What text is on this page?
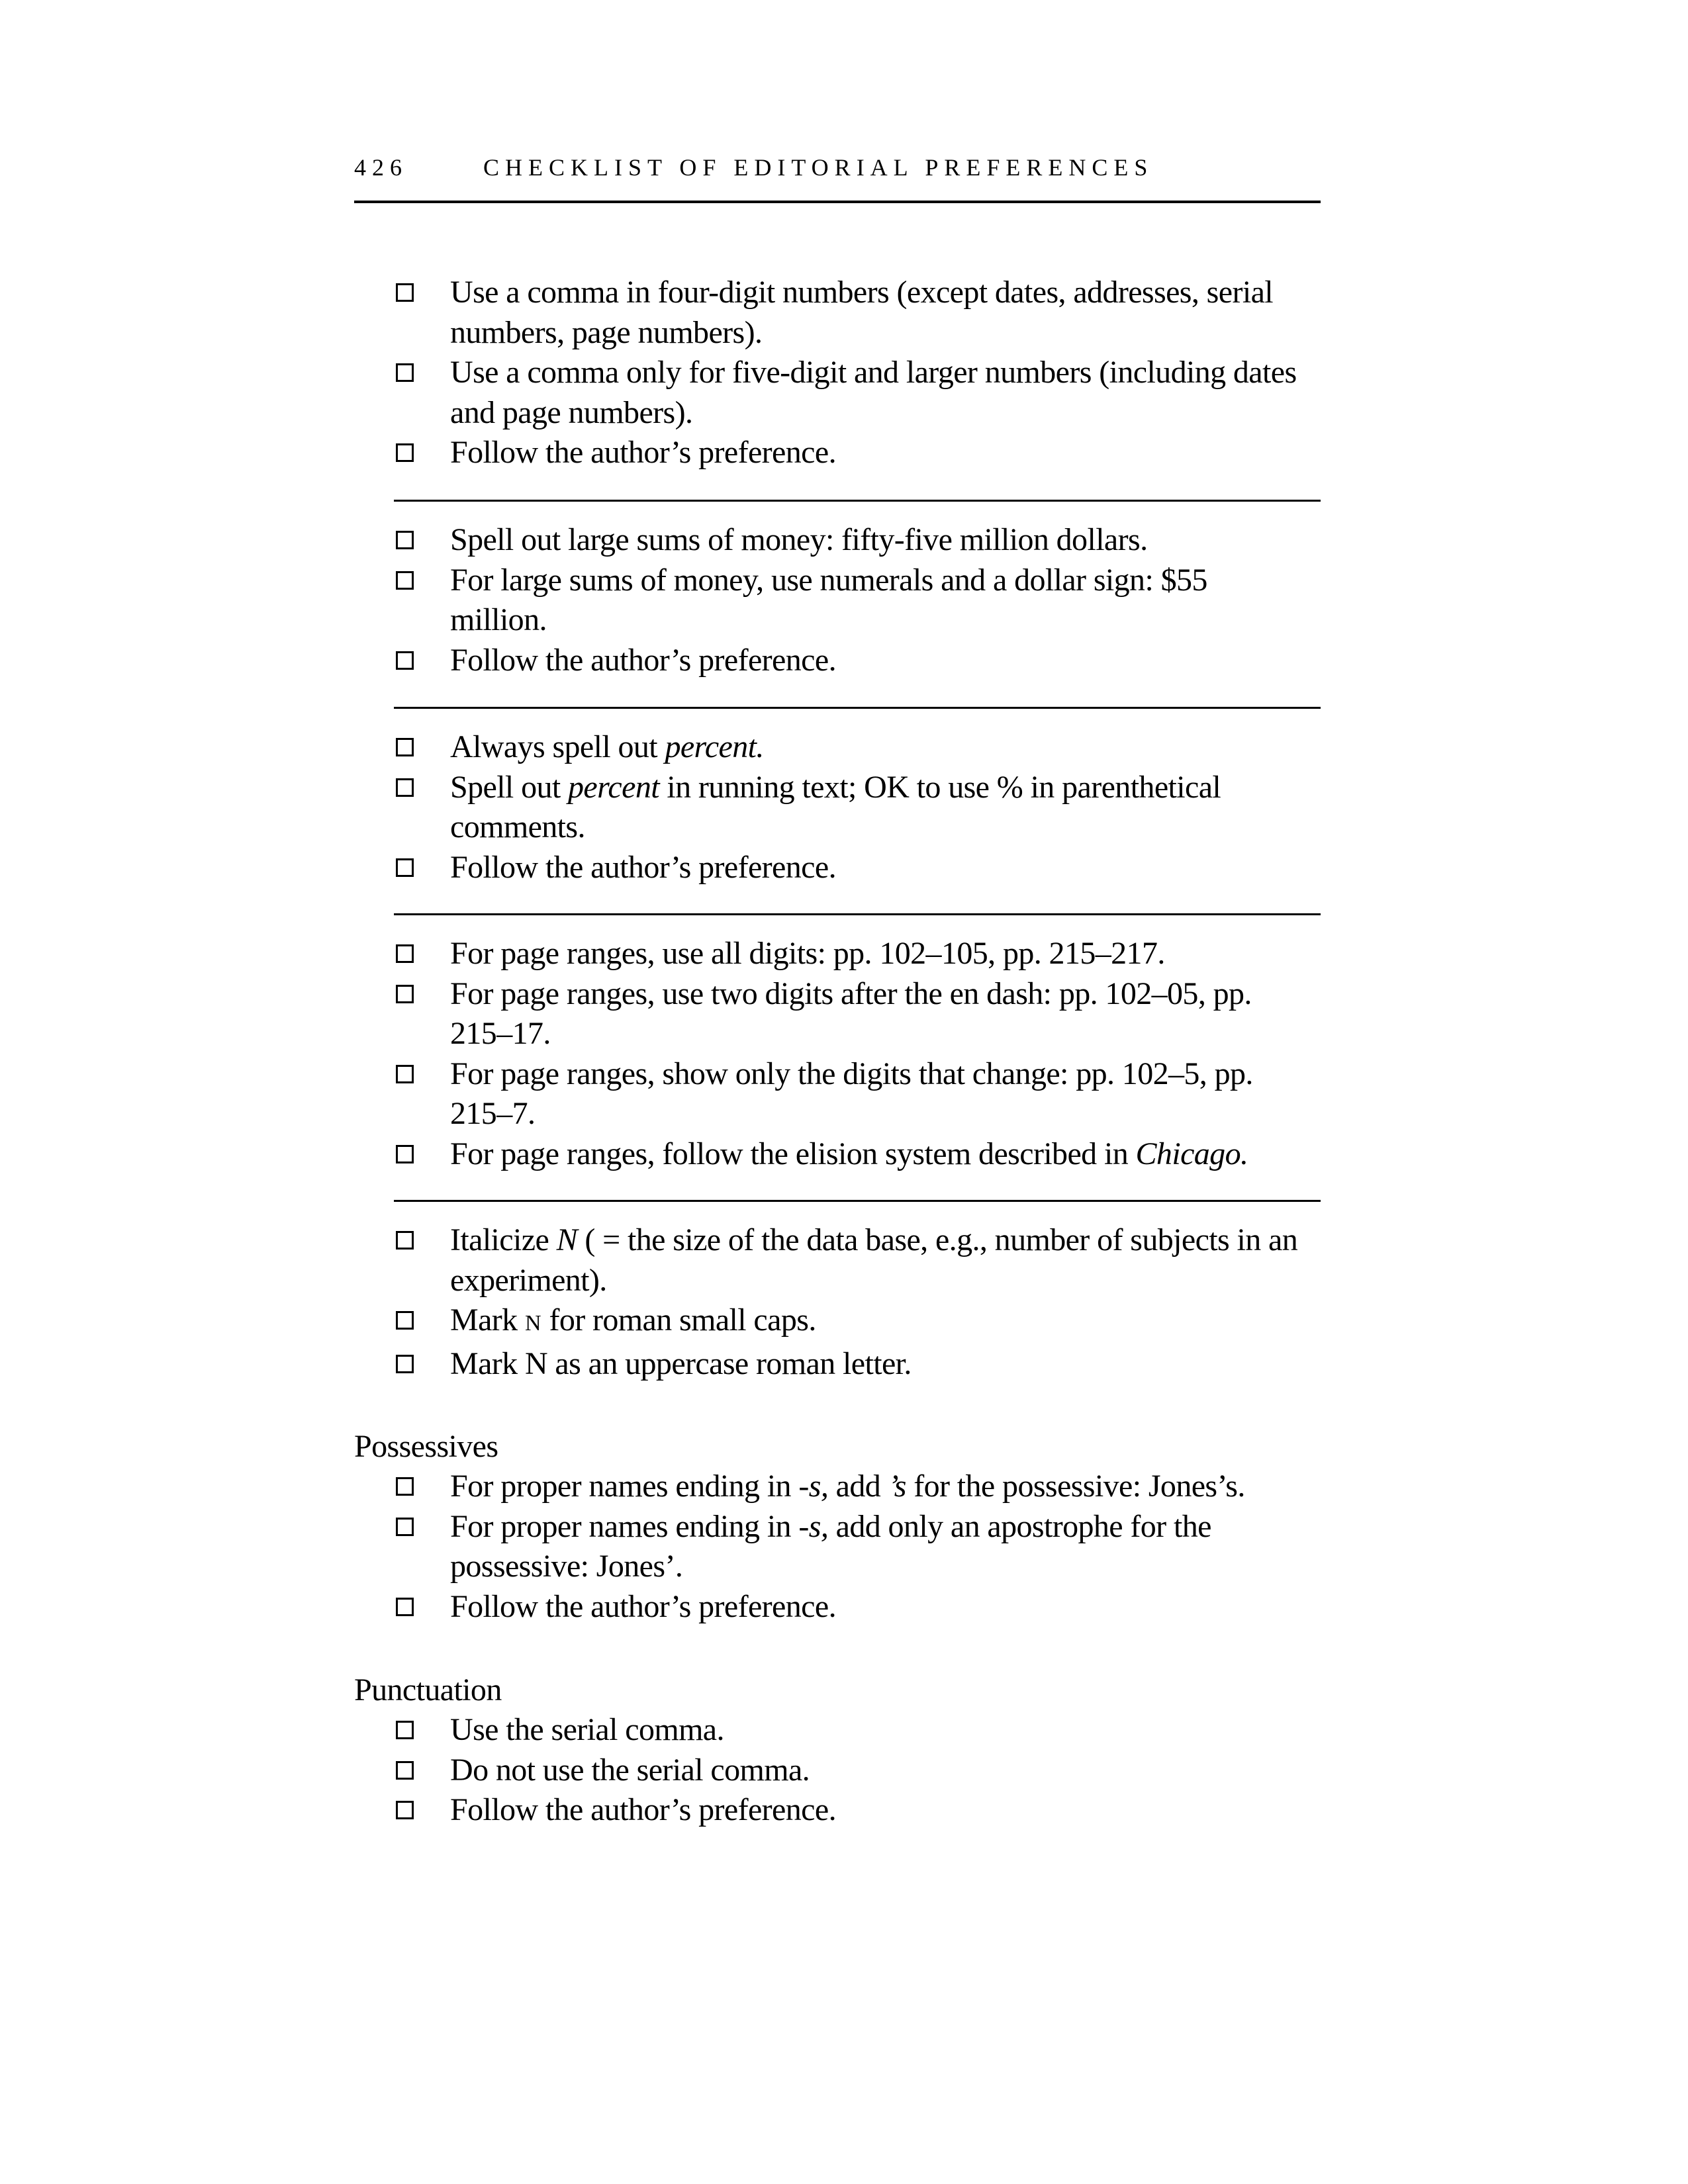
426	CHECKLIST OF EDITORIAL PREFERENCES
Use a comma in four-digit numbers (except dates, addresses, serial numbers, page numbers).
Use a comma only for five-digit and larger numbers (including dates and page numbers).
Follow the author’s preference.
Spell out large sums of money: fifty-five million dollars.
For large sums of money, use numerals and a dollar sign: $55 million.
Follow the author’s preference.
Always spell out percent.
Spell out percent in running text; OK to use % in parenthetical comments.
Follow the author’s preference.
For page ranges, use all digits: pp. 102–105, pp. 215–217.
For page ranges, use two digits after the en dash: pp. 102–05, pp. 215–17.
For page ranges, show only the digits that change: pp. 102–5, pp. 215–7.
For page ranges, follow the elision system described in Chicago.
Italicize N ( = the size of the data base, e.g., number of subjects in an experiment).
Mark N for roman small caps.
Mark N as an uppercase roman letter.
Possessives
For proper names ending in -s, add ’s for the possessive: Jones’s.
For proper names ending in -s, add only an apostrophe for the possessive: Jones’.
Follow the author’s preference.
Punctuation
Use the serial comma.
Do not use the serial comma.
Follow the author’s preference.
